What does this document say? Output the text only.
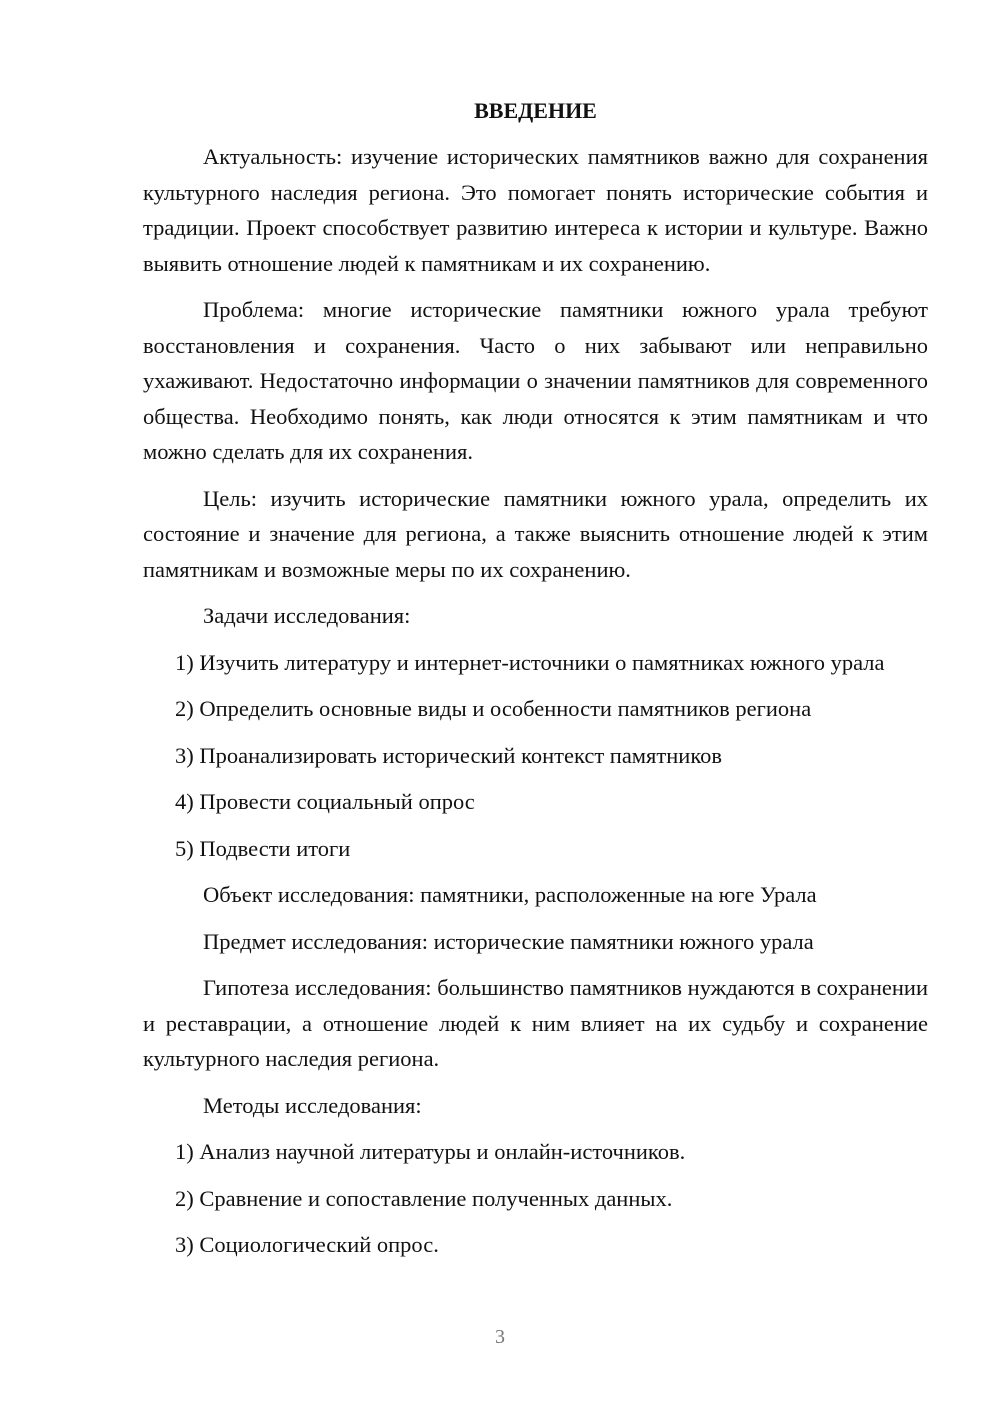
ВВЕДЕНИЕ

Актуальность: изучение исторических памятников важно для сохранения культурного наследия региона. Это помогает понять исторические события и традиции. Проект способствует развитию интереса к истории и культуре. Важно выявить отношение людей к памятникам и их сохранению.

Проблема: многие исторические памятники южного урала требуют восстановления и сохранения. Часто о них забывают или неправильно ухаживают. Недостаточно информации о значении памятников для современного общества. Необходимо понять, как люди относятся к этим памятникам и что можно сделать для их сохранения.

Цель: изучить исторические памятники южного урала, определить их состояние и значение для региона, а также выяснить отношение людей к этим памятникам и возможные меры по их сохранению.

Задачи исследования:

1) Изучить литературу и интернет-источники о памятниках южного урала

2) Определить основные виды и особенности памятников региона

3) Проанализировать исторический контекст памятников

4) Провести социальный опрос

5) Подвести итоги

Объект исследования: памятники, расположенные на юге Урала

Предмет исследования: исторические памятники южного урала

Гипотеза исследования: большинство памятников нуждаются в сохранении и реставрации, а отношение людей к ним влияет на их судьбу и сохранение культурного наследия региона.

Методы исследования:

1) Анализ научной литературы и онлайн-источников.

2) Сравнение и сопоставление полученных данных.

3) Социологический опрос.

3
